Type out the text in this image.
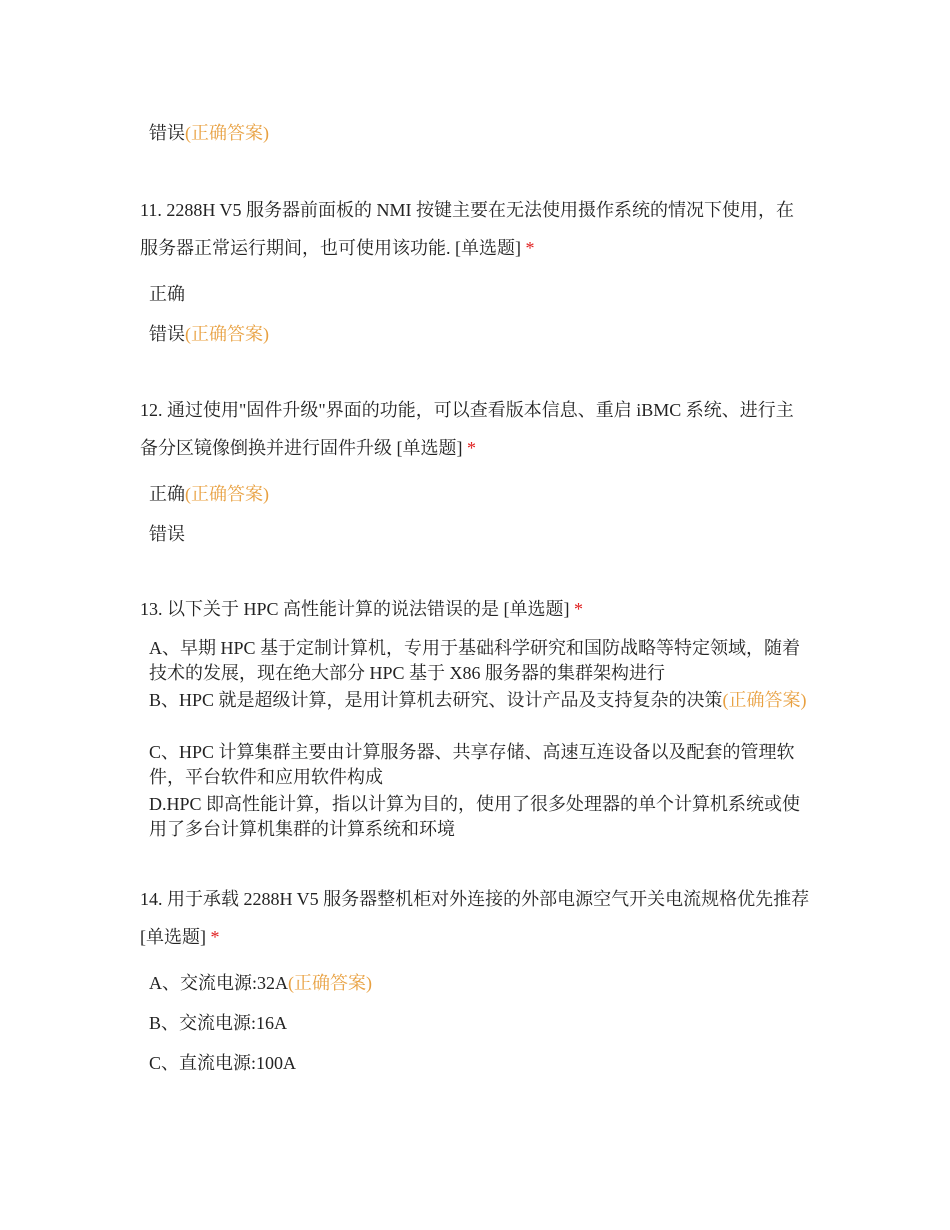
错误(正确答案)
11. 2288H V5 服务器前面板的 NMI 按键主要在无法使用摄作系统的情况下使用，在服务器正常运行期间，也可使用该功能. [单选题] *
正确
错误(正确答案)
12. 通过使用"固件升级"界面的功能，可以查看版本信息、重启 iBMC 系统、进行主备分区镜像倒换并进行固件升级 [单选题] *
正确(正确答案)
错误
13. 以下关于 HPC 高性能计算的说法错误的是 [单选题] *
A、早期 HPC 基于定制计算机，专用于基础科学研究和国防战略等特定领域，随着技术的发展，现在绝大部分 HPC 基于 X86 服务器的集群架构进行
B、HPC 就是超级计算，是用计算机去研究、设计产品及支持复杂的决策(正确答案)
C、HPC 计算集群主要由计算服务器、共享存储、高速互连设备以及配套的管理软件，平台软件和应用软件构成
D.HPC 即高性能计算，指以计算为目的，使用了很多处理器的单个计算机系统或使用了多台计算机集群的计算系统和环境
14. 用于承载 2288H V5 服务器整机柜对外连接的外部电源空气开关电流规格优先推荐 [单选题] *
A、交流电源:32A(正确答案)
B、交流电源:16A
C、直流电源:100A
